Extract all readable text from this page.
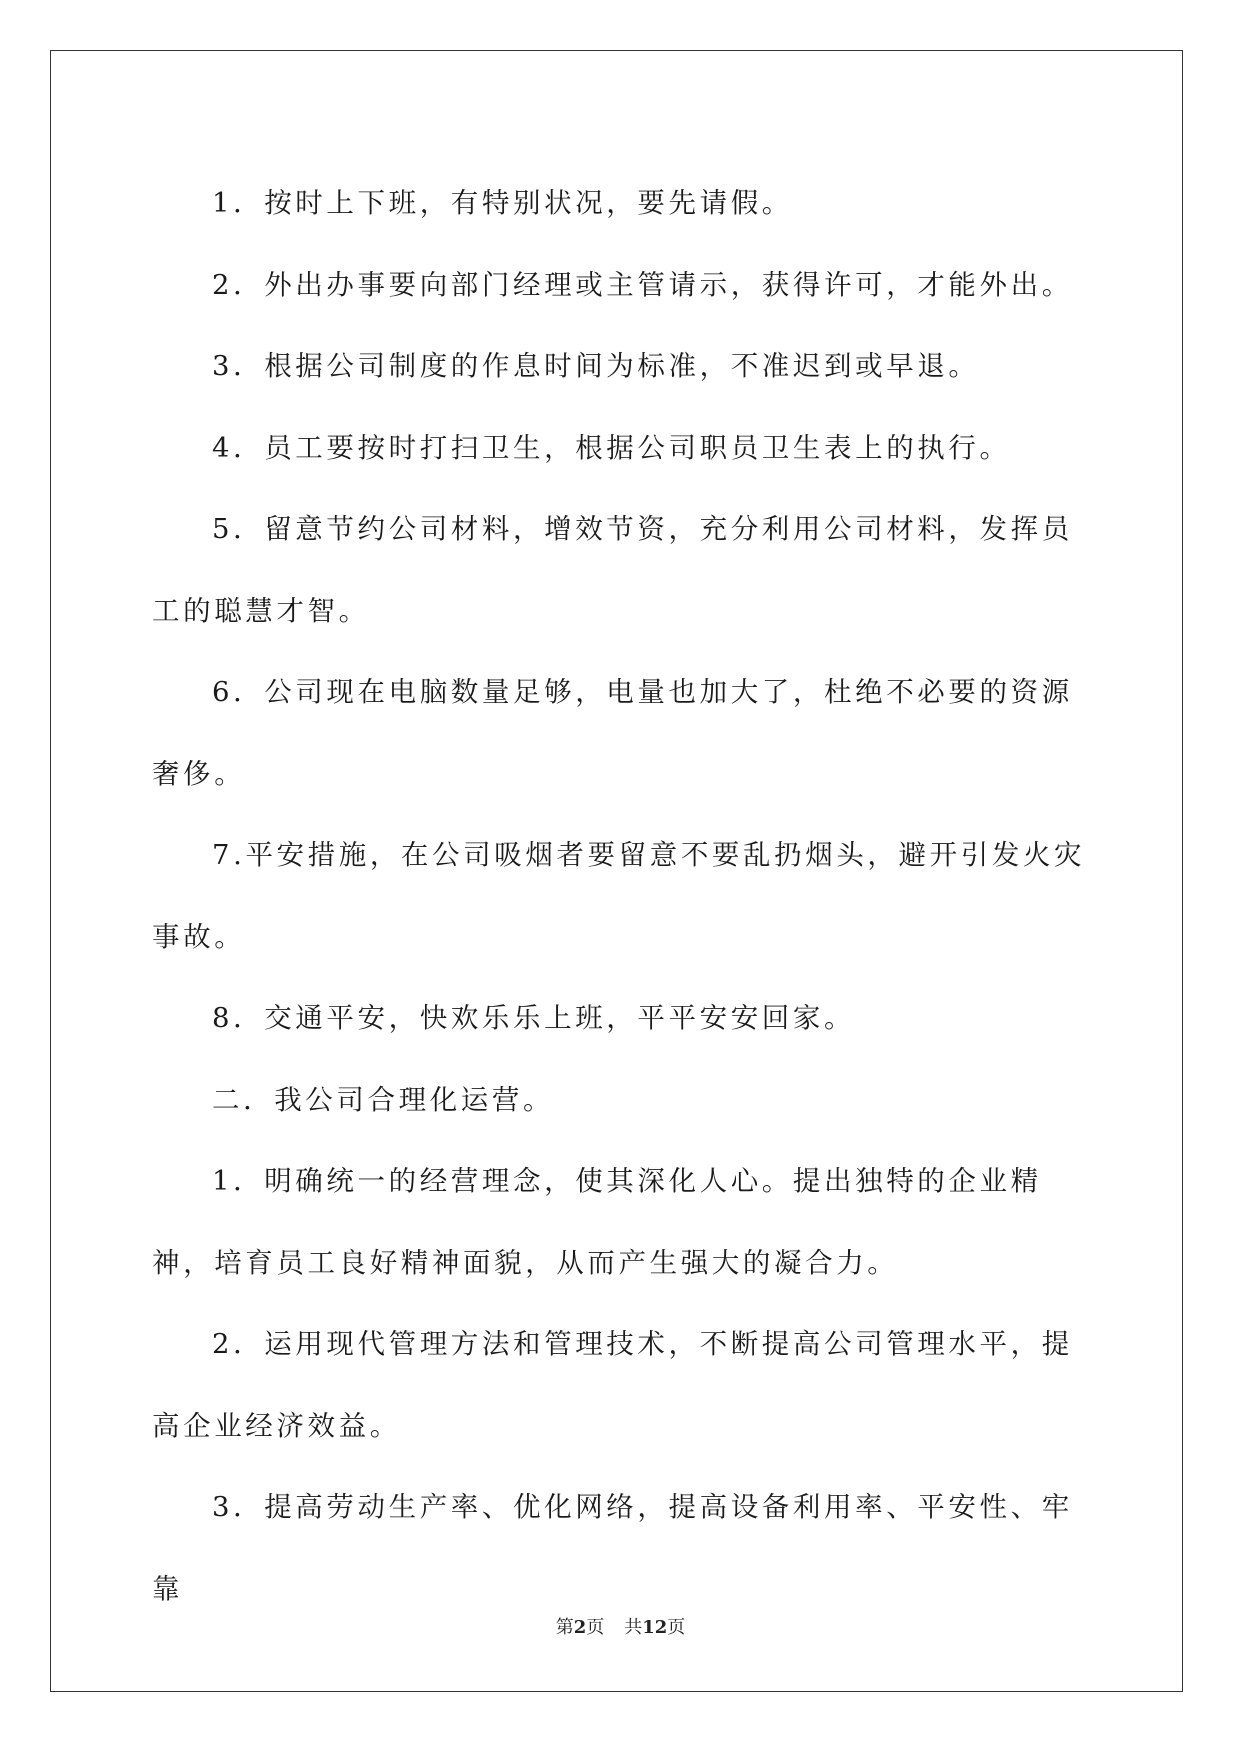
1．按时上下班，有特别状况，要先请假。

2．外出办事要向部门经理或主管请示，获得许可，才能外出。

3．根据公司制度的作息时间为标准，不准迟到或早退。

4．员工要按时打扫卫生，根据公司职员卫生表上的执行。

5．留意节约公司材料，增效节资，充分利用公司材料，发挥员工的聪慧才智。

6．公司现在电脑数量足够，电量也加大了，杜绝不必要的资源奢侈。

7.平安措施，在公司吸烟者要留意不要乱扔烟头，避开引发火灾事故。

8．交通平安，快欢乐乐上班，平平安安回家。

二．我公司合理化运营。

1．明确统一的经营理念，使其深化人心。提出独特的企业精神，培育员工良好精神面貌，从而产生强大的凝合力。

2．运用现代管理方法和管理技术，不断提高公司管理水平，提高企业经济效益。

3．提高劳动生产率、优化网络，提高设备利用率、平安性、牢靠

第2页 共12页
